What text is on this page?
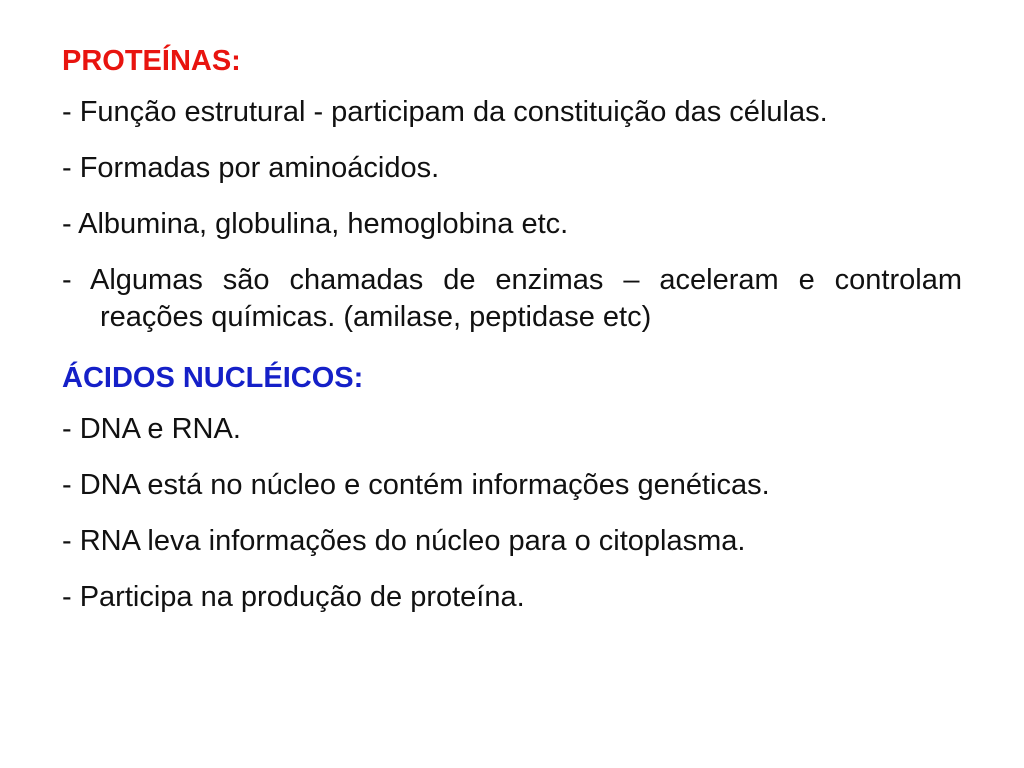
PROTEÍNAS:
- Função estrutural - participam da constituição das células.
- Formadas por aminoácidos.
- Albumina, globulina, hemoglobina etc.
- Algumas são chamadas de enzimas – aceleram e controlam reações químicas. (amilase, peptidase etc)
ÁCIDOS NUCLÉICOS:
- DNA e RNA.
- DNA está no núcleo e contém informações genéticas.
- RNA leva informações do núcleo para o citoplasma.
- Participa na produção de proteína.
